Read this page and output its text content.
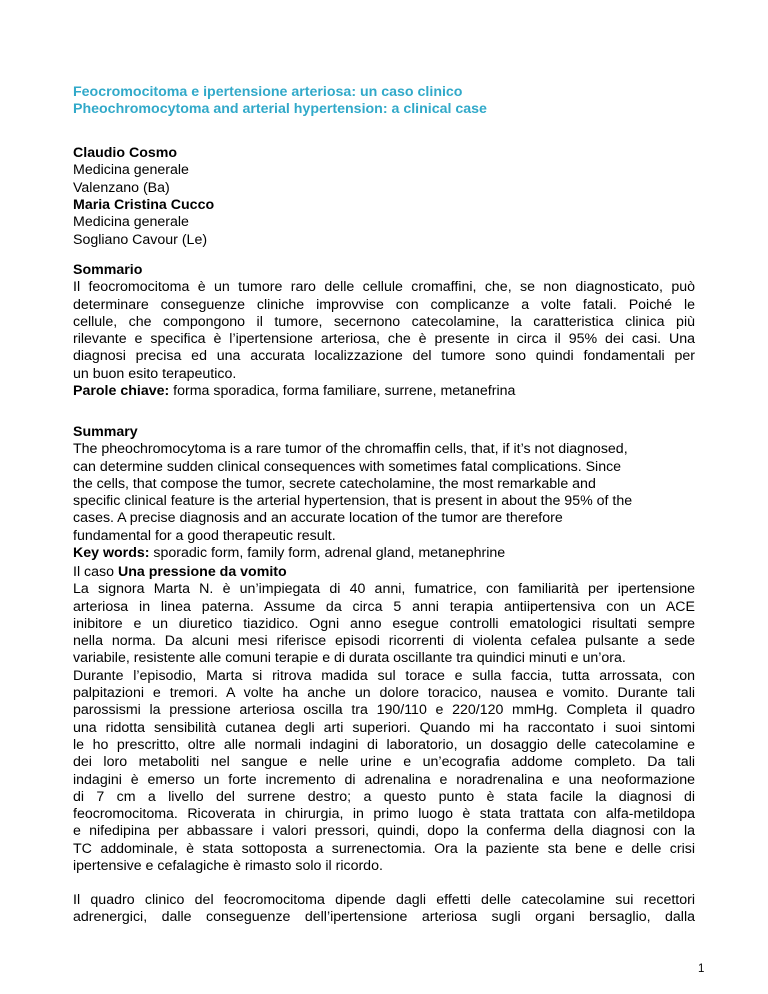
Feocromocitoma e ipertensione arteriosa: un caso clinico
Pheochromocytoma and arterial hypertension: a clinical case
Claudio Cosmo
Medicina generale
Valenzano (Ba)
Maria Cristina Cucco
Medicina generale
Sogliano Cavour (Le)
Sommario
Il feocromocitoma è un tumore raro delle cellule cromaffini, che, se non diagnosticato, può
determinare conseguenze cliniche improvvise con complicanze a volte fatali. Poiché le
cellule, che compongono il tumore, secernono catecolamine, la caratteristica clinica più
rilevante e specifica è l’ipertensione arteriosa, che è presente in circa il 95% dei casi. Una
diagnosi precisa ed una accurata localizzazione del tumore sono quindi fondamentali per
un buon esito terapeutico.
Parole chiave: forma sporadica, forma familiare, surrene, metanefrina
Summary
The pheochromocytoma is a rare tumor of the chromaffin cells, that, if it’s not diagnosed,
can determine sudden clinical consequences with sometimes fatal complications. Since
the cells, that compose the tumor, secrete catecholamine, the most remarkable and
specific clinical feature is the arterial hypertension, that is present in about the 95% of the
cases. A precise diagnosis and an accurate location of the tumor are therefore
fundamental for a good therapeutic result.
Key words: sporadic form, family form, adrenal gland, metanephrine
Il caso Una pressione da vomito
La signora Marta N. è un’impiegata di 40 anni, fumatrice, con familiarità per ipertensione
arteriosa in linea paterna. Assume da circa 5 anni terapia antiipertensiva con un ACE
inibitore e un diuretico tiazidico. Ogni anno esegue controlli ematologici risultati sempre
nella norma. Da alcuni mesi riferisce episodi ricorrenti di violenta cefalea pulsante a sede
variabile, resistente alle comuni terapie e di durata oscillante tra quindici minuti e un’ora.
Durante l’episodio, Marta si ritrova madida sul torace e sulla faccia, tutta arrossata, con
palpitazioni e tremori. A volte ha anche un dolore toracico, nausea e vomito. Durante tali
parossismi la pressione arteriosa oscilla tra 190/110 e 220/120 mmHg. Completa il quadro
una ridotta sensibilità cutanea degli arti superiori. Quando mi ha raccontato i suoi sintomi
le ho prescritto, oltre alle normali indagini di laboratorio, un dosaggio delle catecolamine e
dei loro metaboliti nel sangue e nelle urine e un’ecografia addome completo. Da tali
indagini è emerso un forte incremento di adrenalina e noradrenalina e una neoformazione
di 7 cm a livello del surrene destro; a questo punto è stata facile la diagnosi di
feocromocitoma. Ricoverata in chirurgia, in primo luogo è stata trattata con alfa-metildopa
e nifedipina per abbassare i valori pressori, quindi, dopo la conferma della diagnosi con la
TC addominale, è stata sottoposta a surrenectomia. Ora la paziente sta bene e delle crisi
ipertensive e cefalagiche è rimasto solo il ricordo.
Il quadro clinico del feocromocitoma dipende dagli effetti delle catecolamine sui recettori
adrenergici, dalle conseguenze dell’ipertensione arteriosa sugli organi bersaglio, dalla
1
